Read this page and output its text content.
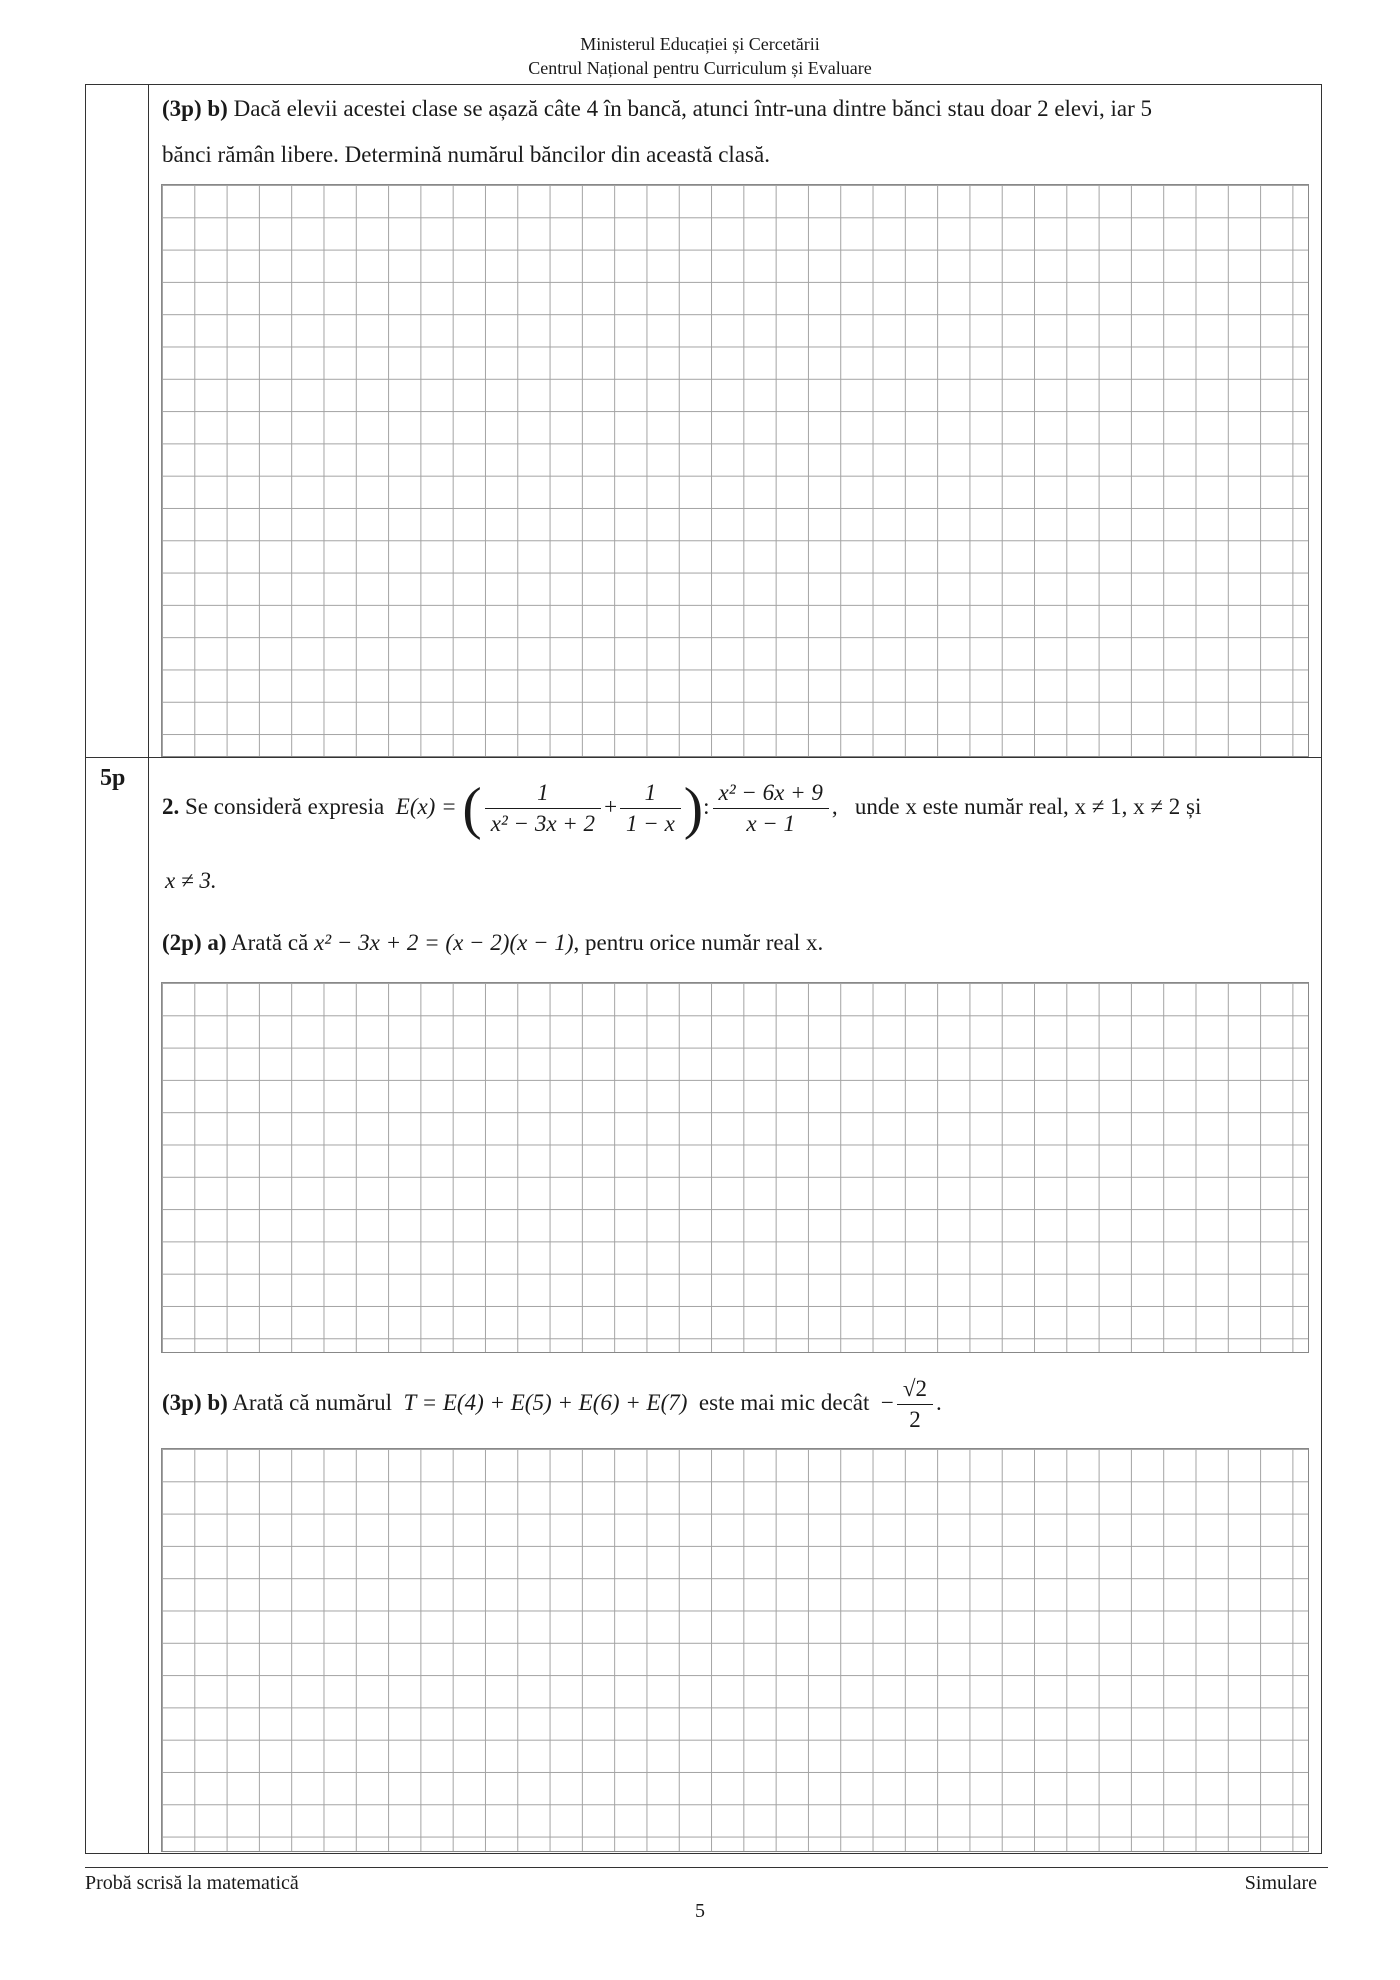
Ministerul Educației și Cercetării
Centrul Național pentru Curriculum și Evaluare
(3p) b) Dacă elevii acestei clase se așază câte 4 în bancă, atunci într-una dintre bănci stau doar 2 elevi, iar 5
bănci rămân libere. Determină numărul băncilor din această clasă.
5p
2. Se consideră expresia E(x) = ( $\frac{1}{\text{x² − 3x + 2}} + \frac{1}{1 - x}$ ): $\frac{\text{x² − 6x + 9}}{x - 1}$ , unde x este număr real, x ≠ 1, x ≠ 2 și
x ≠ 3.
(2p) a) Arată că x² − 3x + 2 = (x − 2)(x − 1), pentru orice număr real x.
(3p) b) Arată că numărul T = E(4) + E(5) + E(6) + E(7) este mai mic decât − $\frac{√2}{2}$ .
Probă scrisă la matematică	Simulare
5
